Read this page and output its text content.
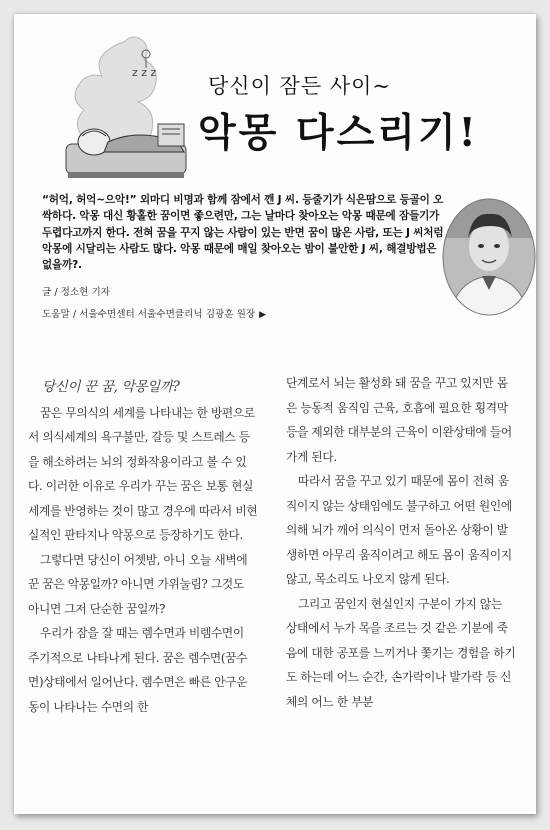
z z z
당신이 잠든 사이~
악몽 다스리기!
“허억, 허억~으악!” 외마디 비명과 함께 잠에서 깬 J 씨. 등줄기가 식은땀으로 등골이 오싹하다. 악몽 대신 황홀한 꿈이면 좋으련만, 그는 날마다 찾아오는 악몽 때문에 잠들기가 두렵다고까지 한다. 전혀 꿈을 꾸지 않는 사람이 있는 반면 꿈이 많은 사람, 또는 J 씨처럼 악몽에 시달리는 사람도 많다. 악몽 때문에 매일 찾아오는 밤이 불안한 J 씨, 해결방법은 없을까?.
글 / 정소현 기자
도움말 / 서울수면센터 서울수면클리닉 김광훈 원장 ▶
당신이 꾼 꿈, 악몽일까?

꿈은 무의식의 세계를 나타내는 한 방편으로서 의식세계의 욕구불만, 갈등 및 스트레스 등을 해소하려는 뇌의 정화작용이라고 볼 수 있다. 이러한 이유로 우리가 꾸는 꿈은 보통 현실세계를 반영하는 것이 많고 경우에 따라서 비현실적인 판타지나 악몽으로 등장하기도 한다.

그렇다면 당신이 어젯밤, 아니 오늘 새벽에 꾼 꿈은 악몽일까? 아니면 가위눌림? 그것도 아니면 그저 단순한 꿈일까?

우리가 잠을 잘 때는 렘수면과 비렘수면이 주기적으로 나타나게 된다. 꿈은 렘수면(꿈수면)상태에서 일어난다. 렘수면은 빠른 안구운동이 나타나는 수면의 한

단계로서 뇌는 활성화 돼 꿈을 꾸고 있지만 몸은 능동적 움직임 근육, 호흡에 필요한 횡격막 등을 제외한 대부분의 근육이 이완상태에 들어가게 된다.

따라서 꿈을 꾸고 있기 때문에 몸이 전혀 움직이지 않는 상태임에도 불구하고 어떤 원인에 의해 뇌가 깨어 의식이 먼저 돌아온 상황이 발생하면 아무리 움직이려고 해도 몸이 움직이지 않고, 목소리도 나오지 않게 된다.

그리고 꿈인지 현실인지 구분이 가지 않는 상태에서 누가 목을 조르는 것 같은 기분에 죽음에 대한 공포를 느끼거나 쫓기는 경험을 하기도 하는데 어느 순간, 손가락이나 발가락 등 신체의 어느 한 부분
